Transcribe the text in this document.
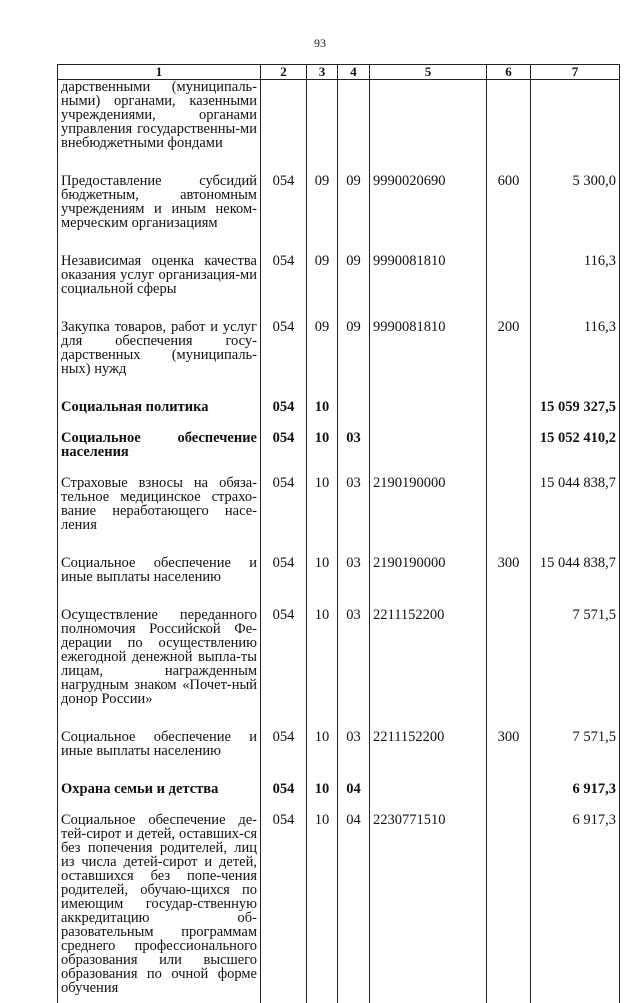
93
1	2	3	4	5	6	7
дарственными (муниципаль-ными) органами, казенными учреждениями, органами управления государственны-ми внебюджетными фондами						
Предоставление субсидий бюджетным, автономным учреждениям и иным неком-мерческим организациям	054	09	09	9990020690	600	5 300,0
Независимая оценка качества оказания услуг организация-ми социальной сферы	054	09	09	9990081810		116,3
Закупка товаров, работ и услуг для обеспечения госу-дарственных (муниципаль-ных) нужд	054	09	09	9990081810	200	116,3
Социальная политика	054	10				15 059 327,5
Социальное обеспечение населения	054	10	03			15 052 410,2
Страховые взносы на обяза-тельное медицинское страхо-вание неработающего насе-ления	054	10	03	2190190000		15 044 838,7
Социальное обеспечение и иные выплаты населению	054	10	03	2190190000	300	15 044 838,7
Осуществление переданного полномочия Российской Фе-дерации по осуществлению ежегодной денежной выпла-ты лицам, награжденным нагрудным знаком «Почет-ный донор России»	054	10	03	2211152200		7 571,5
Социальное обеспечение и иные выплаты населению	054	10	03	2211152200	300	7 571,5
Охрана семьи и детства	054	10	04			6 917,3
Социальное обеспечение де-тей-сирот и детей, оставших-ся без попечения родителей, лиц из числа детей-сирот и детей, оставшихся без попе-чения родителей, обучаю-щихся по имеющим государ-ственную аккредитацию об-разовательным программам среднего профессионального образования или высшего образования по очной форме обучения	054	10	04	2230771510		6 917,3
